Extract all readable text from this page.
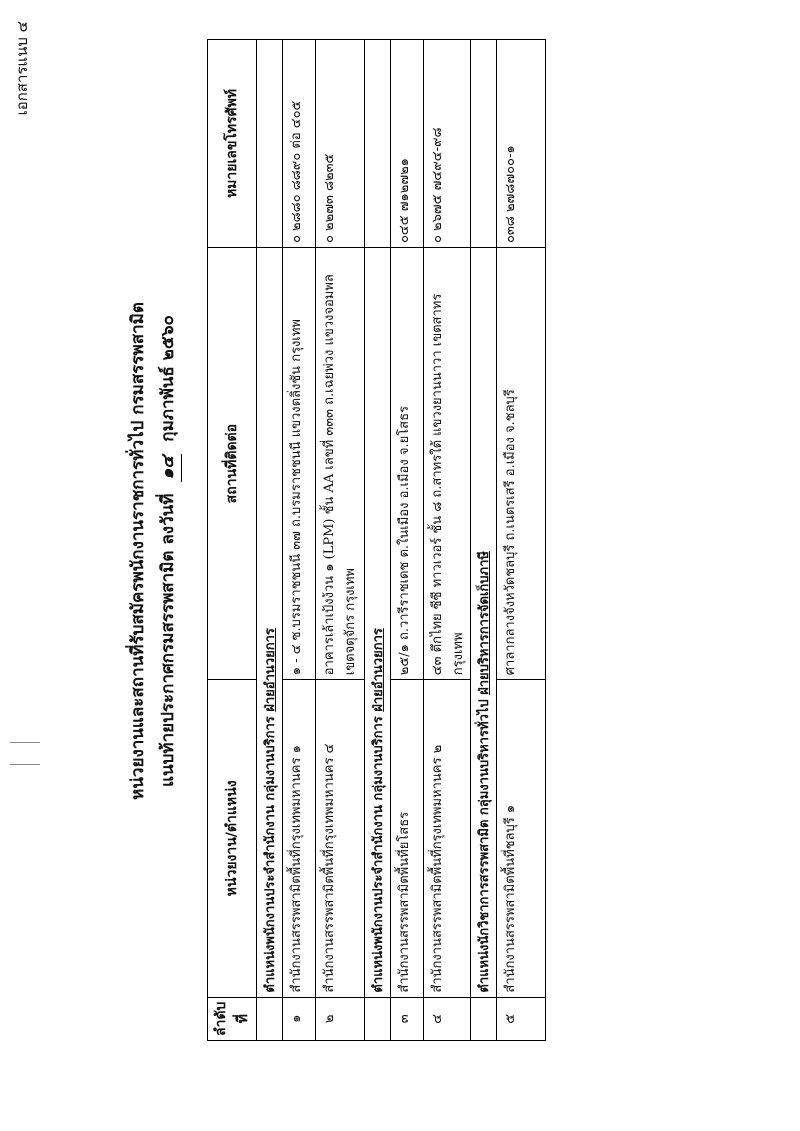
เอกสารแนบ ๔
หน่วยงานและสถานที่รับสมัครพนักงานราชการทั่วไป กรมสรรพสามิต แนบท้ายประกาศกรมสรรพสามิต ลงวันที่ ๑๔ กุมภาพันธ์ ๒๕๖๐
ลำดับที่	หน่วยงาน/ตำแหน่ง	สถานที่ติดต่อ	หมายเลขโทรศัพท์
	ตำแหน่งพนักงานประจำสำนักงาน กลุ่มงานบริการ ฝ่ายอำนวยการ		
๑	สำนักงานสรรพสามิตพื้นที่กรุงเทพมหานคร ๑	๑ - ๔ ซ.บรมราชชนนี ๓๗ ถ.บรมราชชนนี แขวงตลิ่งชัน กรุงเทพ	๐ ๒๘๘๐ ๘๘๙๐ ต่อ ๔๐๕
๒	สำนักงานสรรพสามิตพื้นที่กรุงเทพมหานคร ๔	อาคารเล้าเป้งง้วน ๑ (LPM) ชั้น AA เลขที่ ๓๓๓ ถ.เฉยพ่วง แขวงจอมพล เขตจตุจักร กรุงเทพ	๐ ๒๒๗๓ ๘๒๓๕
	ตำแหน่งพนักงานประจำสำนักงาน กลุ่มงานบริการ ฝ่ายอำนวยการ		
๓	สำนักงานสรรพสามิตพื้นที่ยโสธร	๒๕/๑ ถ.วารีราชเดช ต.ในเมือง อ.เมือง จ.ยโสธร	๐๔๕ ๗๑๒๗๒๑
๔	สำนักงานสรรพสามิตพื้นที่กรุงเทพมหานคร ๒	๔๓ ตึกไทย ซีซี ทาวเวอร์ ชั้น ๘ ถ.สาทรใต้ แขวงยานนาวา เขตสาทร กรุงเทพ	๐ ๒๖๗๕ ๗๔๙๔-๙๘
	ตำแหน่งนักวิชาการสรรพสามิต กลุ่มงานบริหารทั่วไป ฝ่ายบริหารการจัดเก็บภาษี		
๕	สำนักงานสรรพสามิตพื้นที่ชลบุรี ๑	ศาลากลางจังหวัดชลบุรี ถ.เนตรเสรี อ.เมือง จ.ชลบุรี	๐๓๘ ๒๗๘๗๐๐-๑
